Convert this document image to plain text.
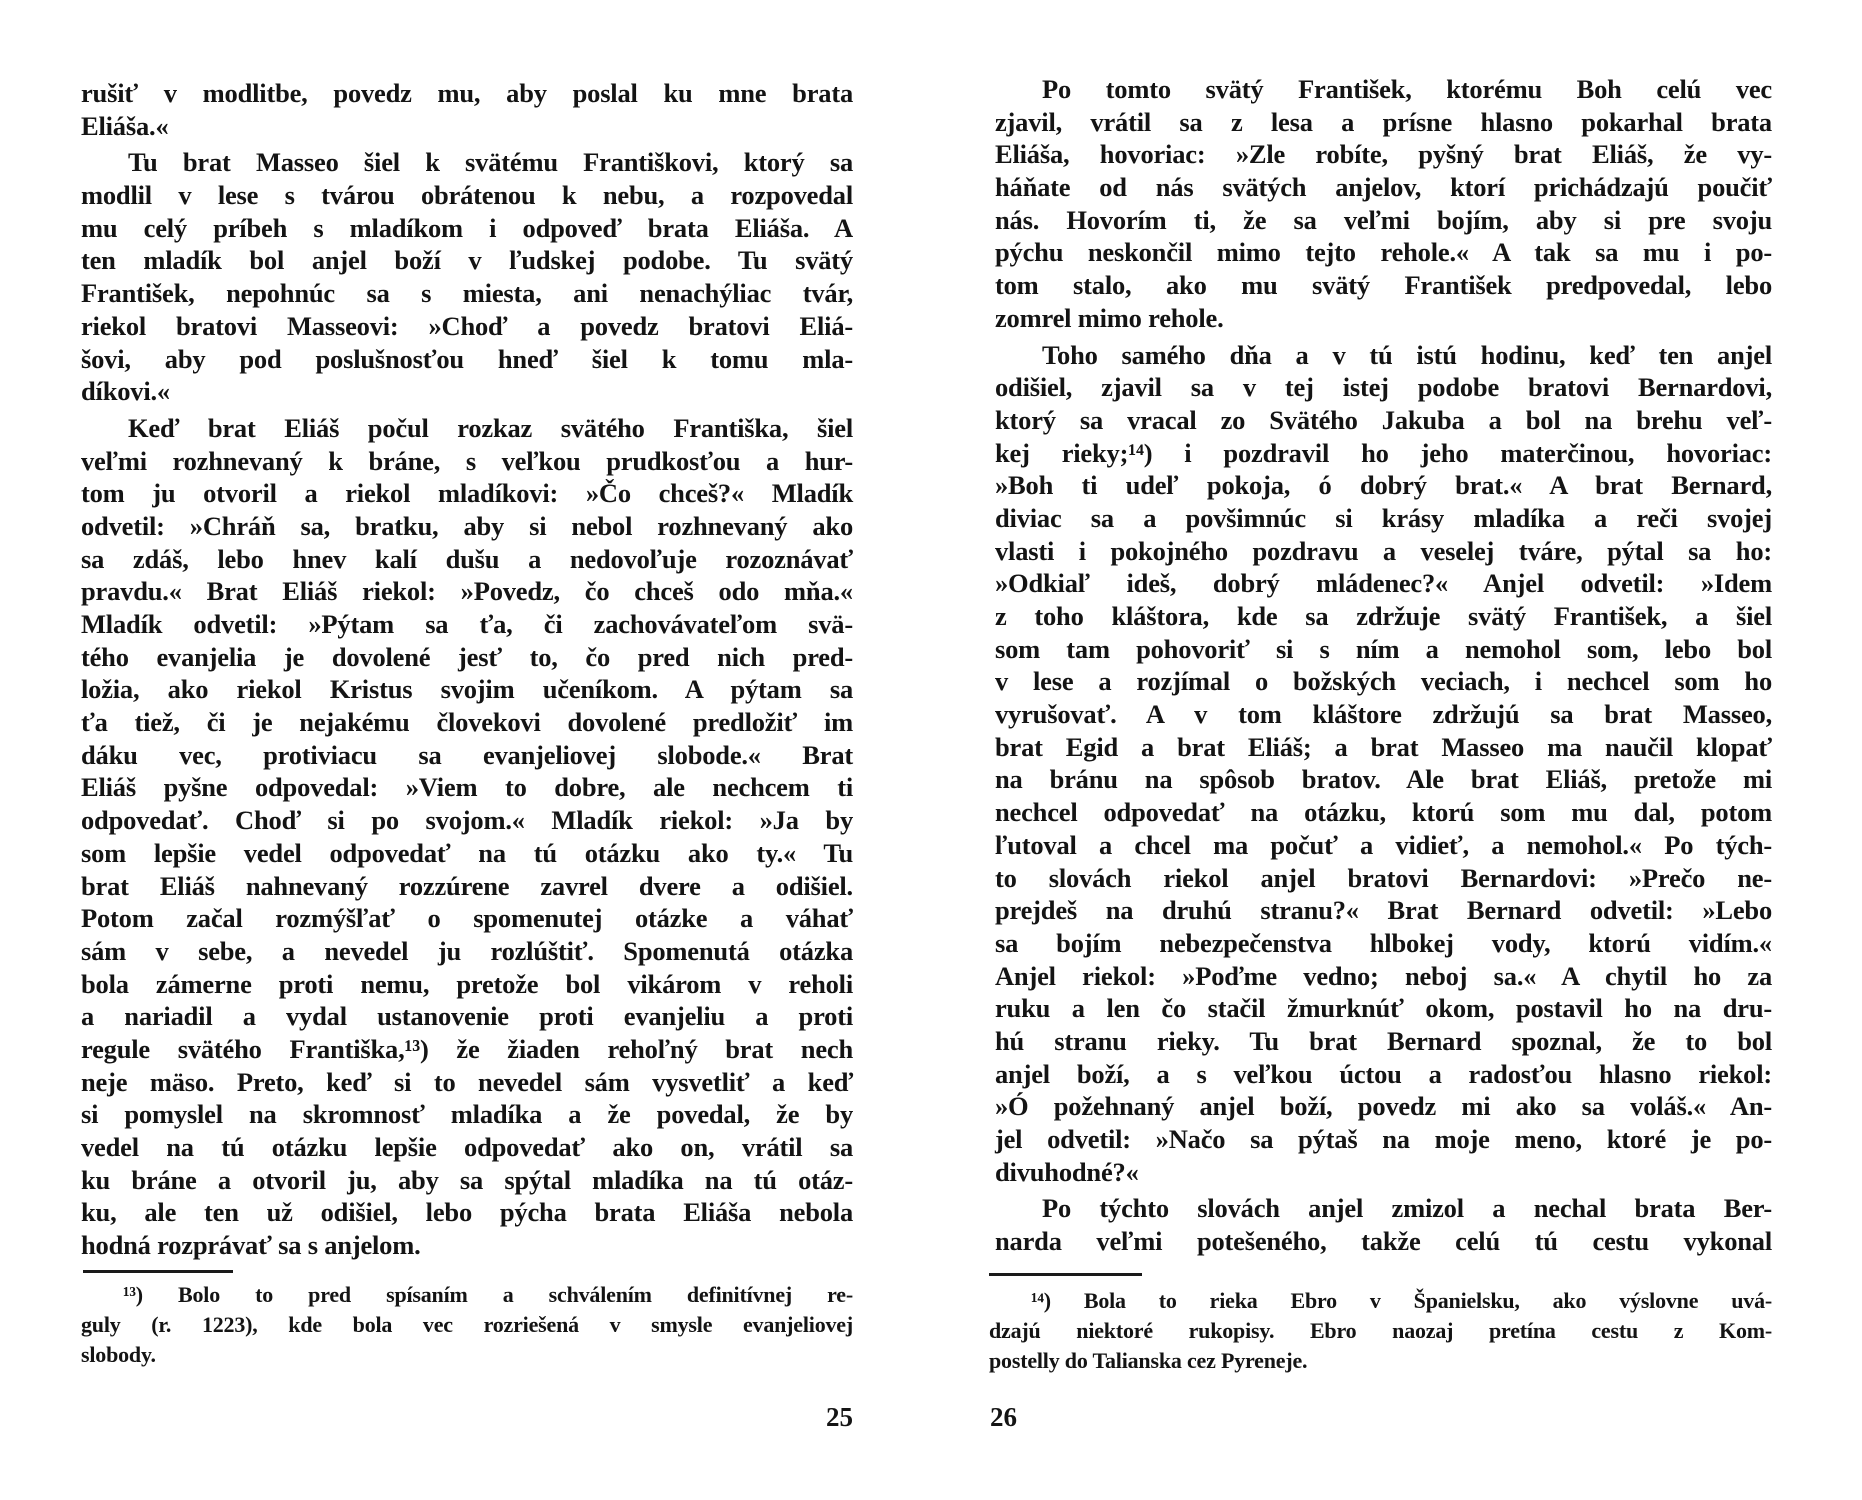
rušiť v modlitbe, povedz mu, aby poslal ku mne brata
Eliáša.«
Tu brat Masseo šiel k svätému Františkovi, ktorý sa
modlil v lese s tvárou obrátenou k nebu, a rozpovedal
mu celý príbeh s mladíkom i odpoveď brata Eliáša. A
ten mladík bol anjel boží v ľudskej podobe. Tu svätý
František, nepohnúc sa s miesta, ani nenachýliac tvár,
riekol bratovi Masseovi: »Choď a povedz bratovi Eliá-
šovi, aby pod poslušnosťou hneď šiel k tomu mla-
díkovi.«
Keď brat Eliáš počul rozkaz svätého Františka, šiel
veľmi rozhnevaný k bráne, s veľkou prudkosťou a hur-
tom ju otvoril a riekol mladíkovi: »Čo chceš?« Mladík
odvetil: »Chráň sa, bratku, aby si nebol rozhnevaný ako
sa zdáš, lebo hnev kalí dušu a nedovoľuje rozoznávať
pravdu.« Brat Eliáš riekol: »Povedz, čo chceš odo mňa.«
Mladík odvetil: »Pýtam sa ťa, či zachovávateľom svä-
tého evanjelia je dovolené jesť to, čo pred nich pred-
ložia, ako riekol Kristus svojim učeníkom. A pýtam sa
ťa tiež, či je nejakému človekovi dovolené predložiť im
dáku vec, protiviacu sa evanjeliovej slobode.« Brat
Eliáš pyšne odpovedal: »Viem to dobre, ale nechcem ti
odpovedať. Choď si po svojom.« Mladík riekol: »Ja by
som lepšie vedel odpovedať na tú otázku ako ty.« Tu
brat Eliáš nahnevaný rozzúrene zavrel dvere a odišiel.
Potom začal rozmýšľať o spomenutej otázke a váhať
sám v sebe, a nevedel ju rozlúštiť. Spomenutá otázka
bola zámerne proti nemu, pretože bol vikárom v reholi
a nariadil a vydal ustanovenie proti evanjeliu a proti
regule svätého Františka,¹³) že žiaden rehoľný brat nech
neje mäso. Preto, keď si to nevedel sám vysvetliť a keď
si pomyslel na skromnosť mladíka a že povedal, že by
vedel na tú otázku lepšie odpovedať ako on, vrátil sa
ku bráne a otvoril ju, aby sa spýtal mladíka na tú otáz-
ku, ale ten už odišiel, lebo pýcha brata Eliáša nebola
hodná rozprávať sa s anjelom.
¹³) Bolo to pred spísaním a schválením definitívnej re-
guly (r. 1223), kde bola vec rozriešená v smysle evanjeliovej
slobody.
25
Po tomto svätý František, ktorému Boh celú vec
zjavil, vrátil sa z lesa a prísne hlasno pokarhal brata
Eliáša, hovoriac: »Zle robíte, pyšný brat Eliáš, že vy-
háňate od nás svätých anjelov, ktorí prichádzajú poučiť
nás. Hovorím ti, že sa veľmi bojím, aby si pre svoju
pýchu neskončil mimo tejto rehole.« A tak sa mu i po-
tom stalo, ako mu svätý František predpovedal, lebo
zomrel mimo rehole.
Toho samého dňa a v tú istú hodinu, keď ten anjel
odišiel, zjavil sa v tej istej podobe bratovi Bernardovi,
ktorý sa vracal zo Svätého Jakuba a bol na brehu veľ-
kej rieky;¹⁴) i pozdravil ho jeho materčinou, hovoriac:
»Boh ti udeľ pokoja, ó dobrý brat.« A brat Bernard,
diviac sa a povšimnúc si krásy mladíka a reči svojej
vlasti i pokojného pozdravu a veselej tváre, pýtal sa ho:
»Odkiaľ ideš, dobrý mládenec?« Anjel odvetil: »Idem
z toho kláštora, kde sa zdržuje svätý František, a šiel
som tam pohovoriť si s ním a nemohol som, lebo bol
v lese a rozjímal o božských veciach, i nechcel som ho
vyrušovať. A v tom kláštore zdržujú sa brat Masseo,
brat Egid a brat Eliáš; a brat Masseo ma naučil klopať
na bránu na spôsob bratov. Ale brat Eliáš, pretože mi
nechcel odpovedať na otázku, ktorú som mu dal, potom
ľutoval a chcel ma počuť a vidieť, a nemohol.« Po tých-
to slovách riekol anjel bratovi Bernardovi: »Prečo ne-
prejdeš na druhú stranu?« Brat Bernard odvetil: »Lebo
sa bojím nebezpečenstva hlbokej vody, ktorú vidím.«
Anjel riekol: »Poďme vedno; neboj sa.« A chytil ho za
ruku a len čo stačil žmurknúť okom, postavil ho na dru-
hú stranu rieky. Tu brat Bernard spoznal, že to bol
anjel boží, a s veľkou úctou a radosťou hlasno riekol:
»Ó požehnaný anjel boží, povedz mi ako sa voláš.« An-
jel odvetil: »Načo sa pýtaš na moje meno, ktoré je po-
divuhodné?«
Po týchto slovách anjel zmizol a nechal brata Ber-
narda veľmi potešeného, takže celú tú cestu vykonal
¹⁴) Bola to rieka Ebro v Španielsku, ako výslovne uvá-
dzajú niektoré rukopisy. Ebro naozaj pretína cestu z Kom-
postelly do Talianska cez Pyreneje.
26
